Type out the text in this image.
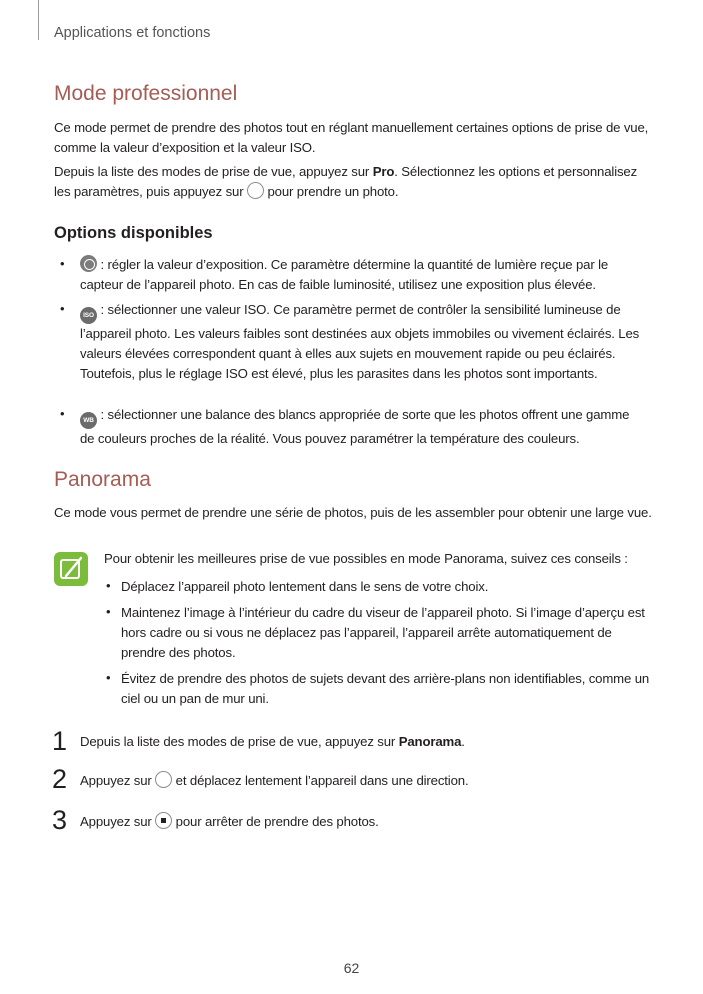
Applications et fonctions
Mode professionnel
Ce mode permet de prendre des photos tout en réglant manuellement certaines options de prise de vue, comme la valeur d’exposition et la valeur ISO.
Depuis la liste des modes de prise de vue, appuyez sur Pro. Sélectionnez les options et personnalisez les paramètres, puis appuyez sur  pour prendre un photo.
Options disponibles
•	: régler la valeur d’exposition. Ce paramètre détermine la quantité de lumière reçue par le capteur de l’appareil photo. En cas de faible luminosité, utilisez une exposition plus élevée.
•	ISO : sélectionner une valeur ISO. Ce paramètre permet de contrôler la sensibilité lumineuse de l’appareil photo. Les valeurs faibles sont destinées aux objets immobiles ou vivement éclairés. Les valeurs élevées correspondent quant à elles aux sujets en mouvement rapide ou peu éclairés. Toutefois, plus le réglage ISO est élevé, plus les parasites dans les photos sont importants.
•	WB : sélectionner une balance des blancs appropriée de sorte que les photos offrent une gamme de couleurs proches de la réalité. Vous pouvez paramétrer la température des couleurs.
Panorama
Ce mode vous permet de prendre une série de photos, puis de les assembler pour obtenir une large vue.
Pour obtenir les meilleures prise de vue possibles en mode Panorama, suivez ces conseils :
• Déplacez l’appareil photo lentement dans le sens de votre choix.
• Maintenez l’image à l’intérieur du cadre du viseur de l’appareil photo. Si l’image d’aperçu est hors cadre ou si vous ne déplacez pas l’appareil, l’appareil arrête automatiquement de prendre des photos.
• Évitez de prendre des photos de sujets devant des arrière-plans non identifiables, comme un ciel ou un pan de mur uni.
1 Depuis la liste des modes de prise de vue, appuyez sur Panorama.
2 Appuyez sur  et déplacez lentement l’appareil dans une direction.
3 Appuyez sur  pour arrêter de prendre des photos.
62
